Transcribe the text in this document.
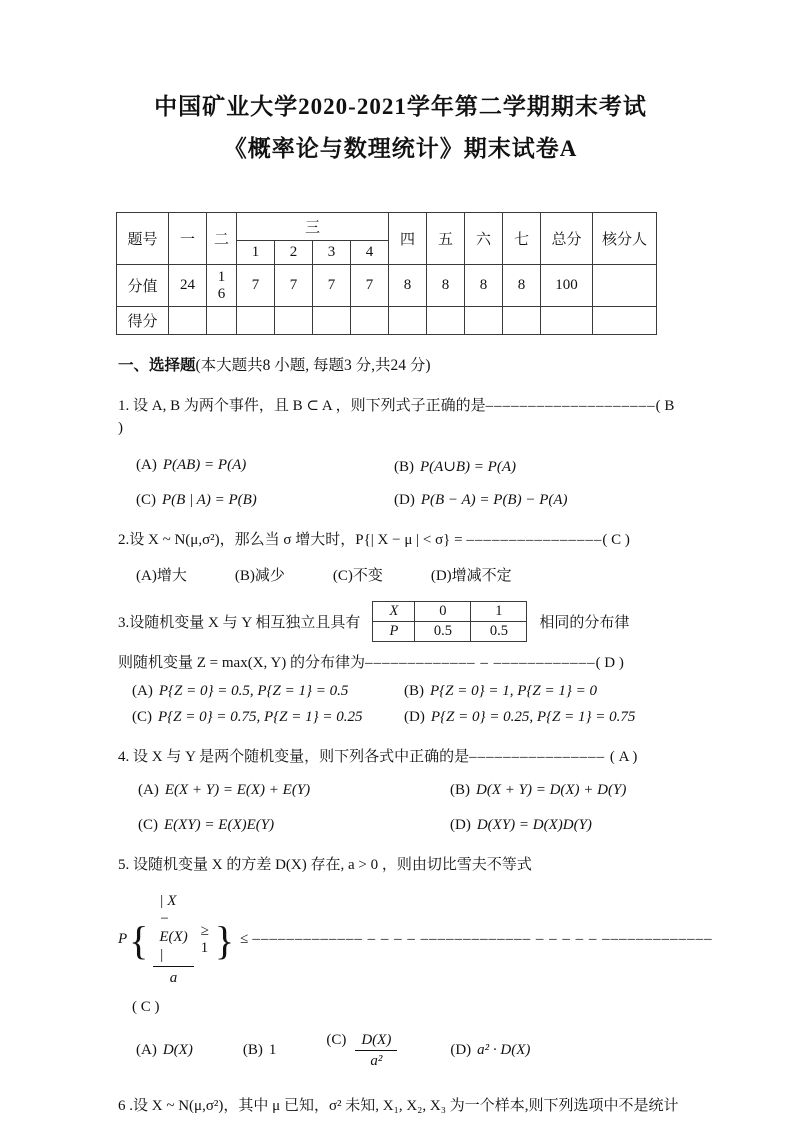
中国矿业大学2020-2021学年第二学期期末考试
《概率论与数理统计》期末试卷A
题号	一	二	三				四	五	六	七	总分	核分人
			1	2	3	4						
分值	24	16	7	7	7	7	8	8	8	8	100	
得分												
一、选择题(本大题共8 小题, 每题3 分,共24 分)
1. 设 A, B 为两个事件，且 B ⊂ A ，则下列式子正确的是––––––––––––––––––––( B )
(A) P(AB) = P(A)	(B) P(A∪B) = P(A)
(C) P(B | A) = P(B)	(D) P(B − A) = P(B) − P(A)
2.设 X ~ N(μ,σ²)，那么当 σ 增大时，P{| X − μ | < σ} = ––––––––––––––––( C )
(A)增大	(B)减少	(C)不变	(D)增减不定
3.设随机变量 X 与 Y 相互独立且具有
X	0	1
P	0.5	0.5 相同的分布律
则随机变量 Z = max(X, Y) 的分布律为––––––––––––– – ––––––––––––( D )
(A) P{Z = 0} = 0.5, P{Z = 1} = 0.5	(B) P{Z = 0} = 1, P{Z = 1} = 0
(C) P{Z = 0} = 0.75, P{Z = 1} = 0.25	(D) P{Z = 0} = 0.25, P{Z = 1} = 0.75
4. 设 X 与 Y 是两个随机变量，则下列各式中正确的是–––––––––––––––– ( A )
(A) E(X + Y) = E(X) + E(Y)	(B) D(X + Y) = D(X) + D(Y)
(C) E(XY) = E(X)E(Y)	(D) D(XY) = D(X)D(Y)
5. 设随机变量 X 的方差 D(X) 存在, a > 0 ，则由切比雪夫不等式
P { $\frac{| X - E(X) |}{a} \ge 1$ } ≤ ––––––––––––– – – – – ––––––––––––– – – – – – –––––––––––––
( C )
(A) D(X)	(B) 1
$(C) \frac{D(X)}{\text{a²}}$	(D) a² · D(X)
6 .设 X ~ N(μ,σ²)，其中 μ 已知，σ² 未知, X₁, X₂, X₃ 为一个样本,则下列选项中不是统计
